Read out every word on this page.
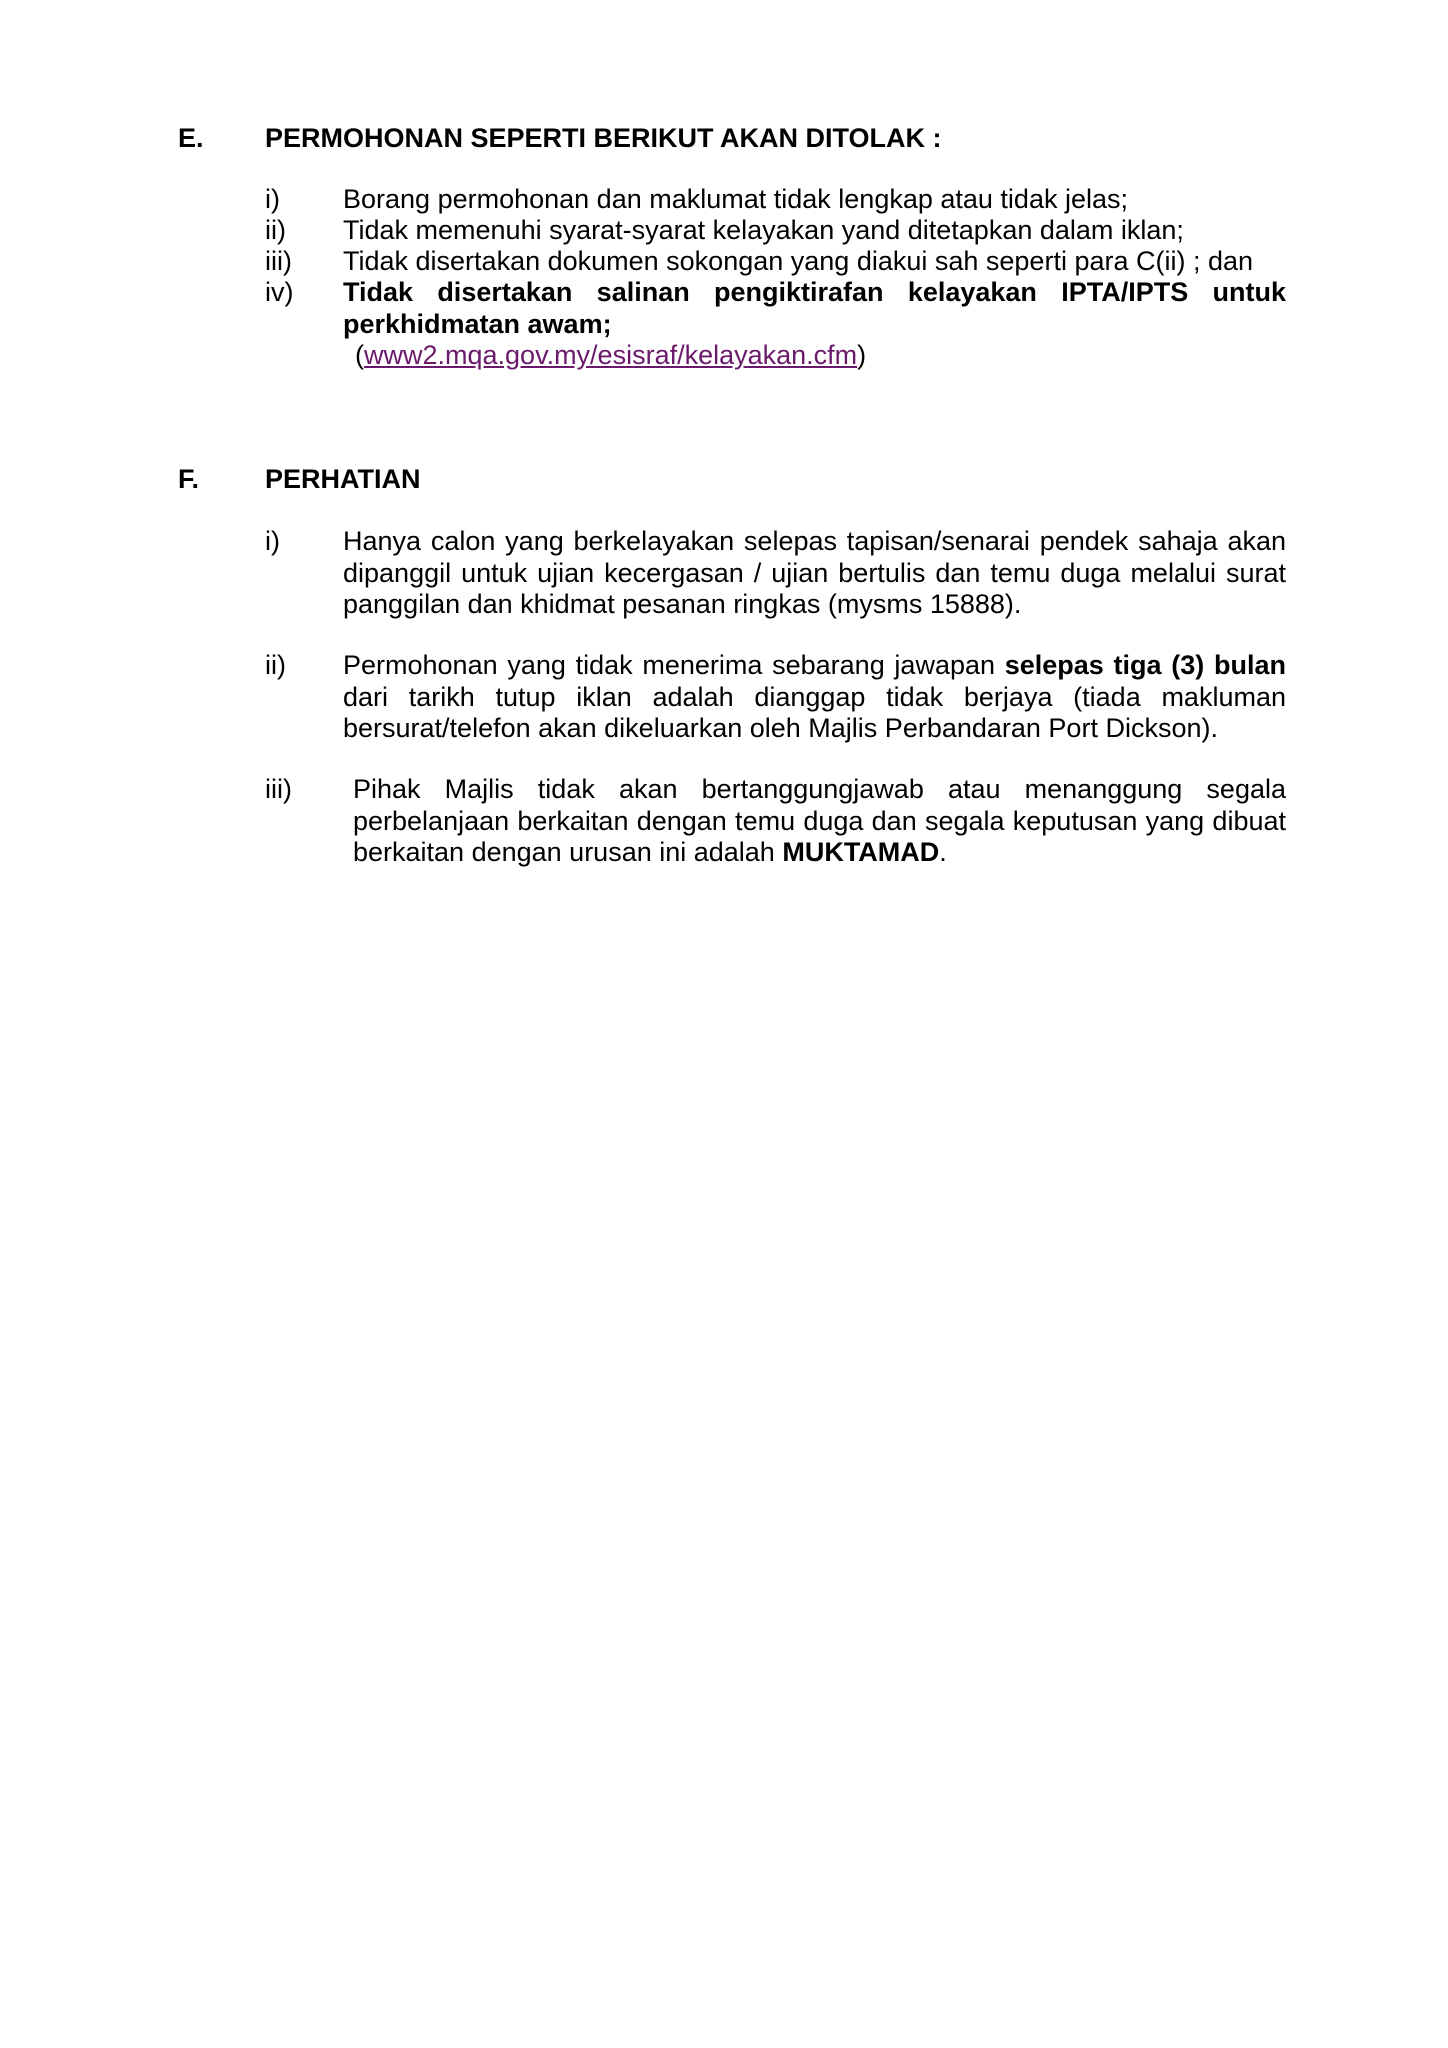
E.	PERMOHONAN SEPERTI BERIKUT AKAN DITOLAK :
i)	Borang permohonan dan maklumat tidak lengkap atau tidak jelas;
ii)	Tidak memenuhi syarat-syarat kelayakan yand ditetapkan dalam iklan;
iii)	Tidak disertakan dokumen sokongan yang diakui sah seperti para C(ii) ; dan
iv)	Tidak disertakan salinan pengiktirafan kelayakan IPTA/IPTS untuk perkhidmatan awam;
(www2.mqa.gov.my/esisraf/kelayakan.cfm)
F.	PERHATIAN
i)	Hanya calon yang berkelayakan selepas tapisan/senarai pendek sahaja akan dipanggil untuk ujian kecergasan / ujian bertulis dan temu duga melalui surat panggilan dan khidmat pesanan ringkas (mysms 15888).
ii)	Permohonan yang tidak menerima sebarang jawapan selepas tiga (3) bulan dari tarikh tutup iklan adalah dianggap tidak berjaya (tiada makluman bersurat/telefon akan dikeluarkan oleh Majlis Perbandaran Port Dickson).
iii)	Pihak Majlis tidak akan bertanggungjawab atau menanggung segala perbelanjaan berkaitan dengan temu duga dan segala keputusan yang dibuat berkaitan dengan urusan ini adalah MUKTAMAD.
